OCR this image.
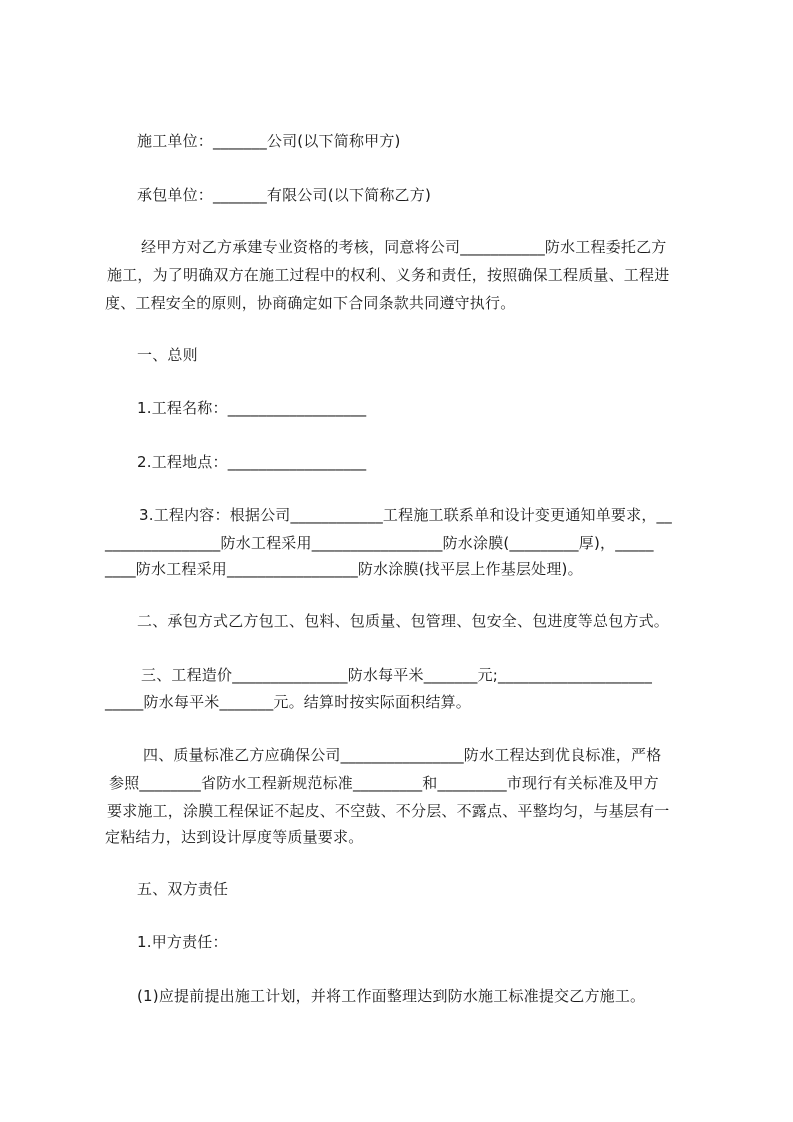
施工单位：_______公司(以下简称甲方)
承包单位：_______有限公司(以下简称乙方)
经甲方对乙方承建专业资格的考核，同意将公司___________防水工程委托乙方
施工，为了明确双方在施工过程中的权利、义务和责任，按照确保工程质量、工程进
度、工程安全的原则，协商确定如下合同条款共同遵守执行。
一、总则
1.工程名称：__________________
2.工程地点：__________________
3.工程内容：根据公司____________工程施工联系单和设计变更通知单要求，__
_______________防水工程采用_________________防水涂膜(_________厚)，_____
____防水工程采用_________________防水涂膜(找平层上作基层处理)。
二、承包方式乙方包工、包料、包质量、包管理、包安全、包进度等总包方式。
三、工程造价_______________防水每平米_______元;____________________
_____防水每平米_______元。结算时按实际面积结算。
四、质量标准乙方应确保公司________________防水工程达到优良标准，严格
参照________省防水工程新规范标准_________和_________市现行有关标准及甲方
要求施工，涂膜工程保证不起皮、不空鼓、不分层、不露点、平整均匀，与基层有一
定粘结力，达到设计厚度等质量要求。
五、双方责任
1.甲方责任：
(1)应提前提出施工计划，并将工作面整理达到防水施工标准提交乙方施工。
